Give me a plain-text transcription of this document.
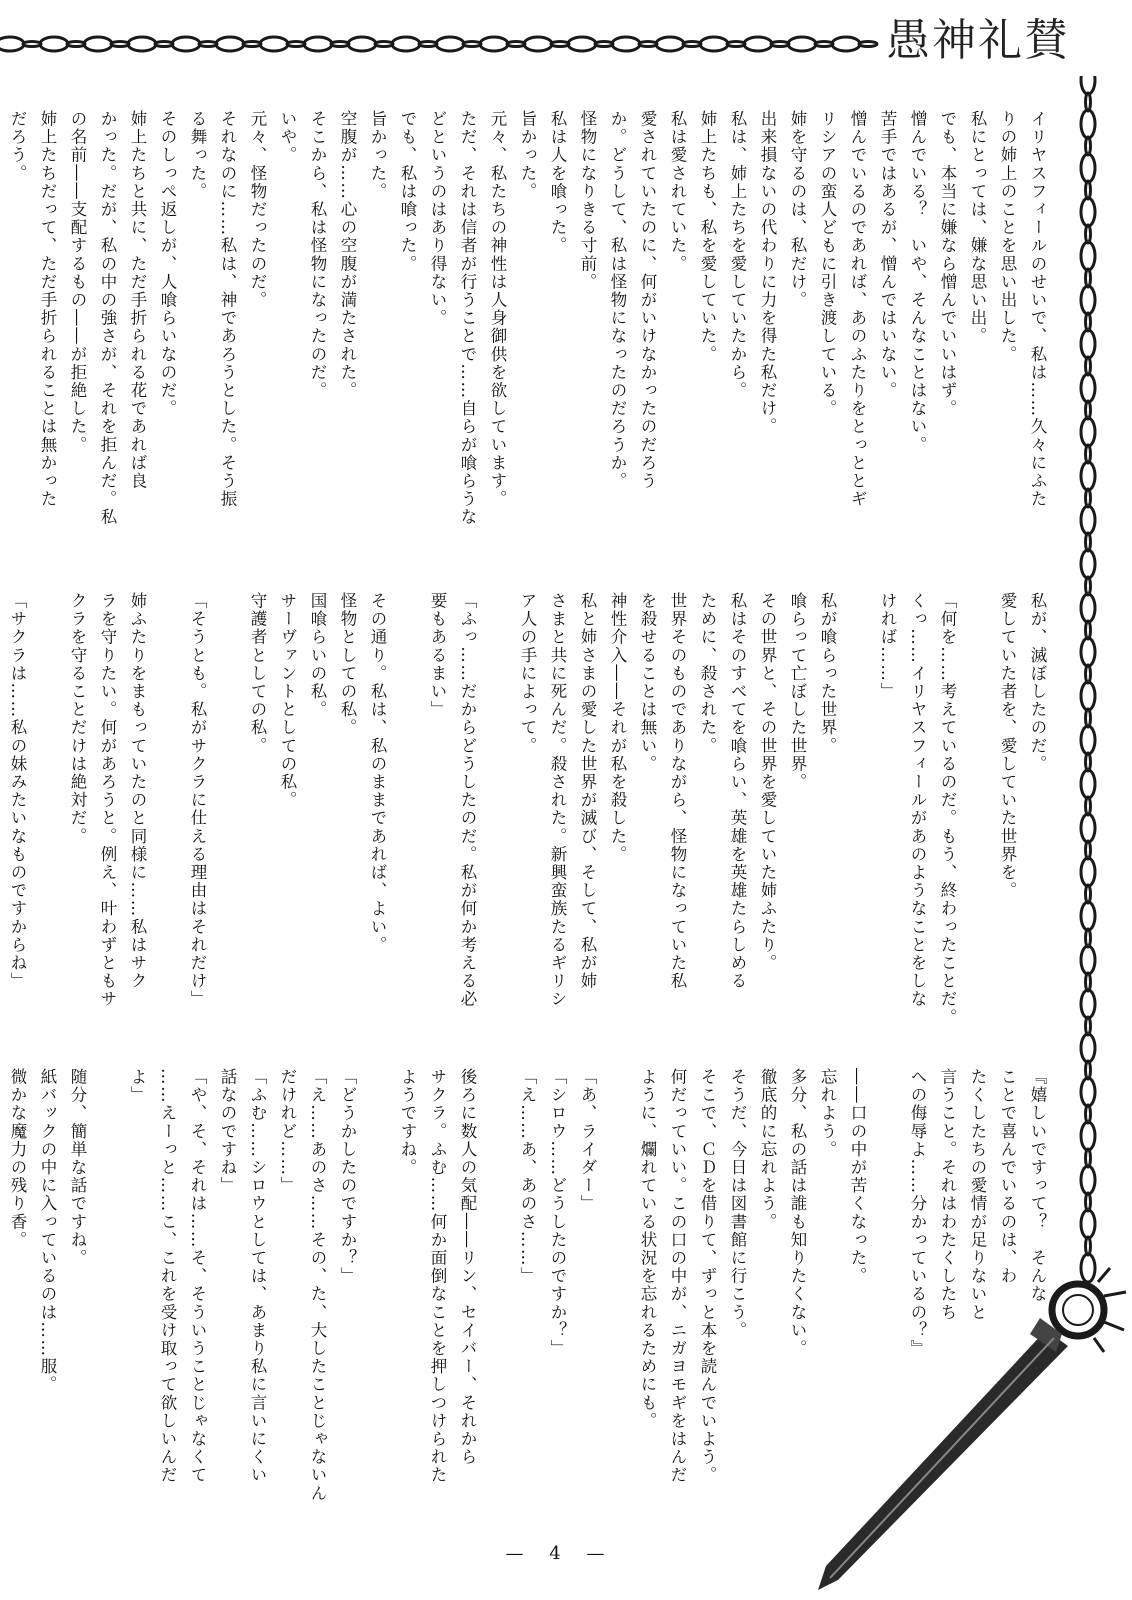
愚神礼賛
イリヤスフィールのせいで、私は……久々にふた
りの姉上のことを思い出した。
私にとっては、嫌な思い出。
でも、本当に嫌なら憎んでいいはず。
憎んでいる？　いや、そんなことはない。
苦手ではあるが、憎んではいない。
憎んでいるのであれば、あのふたりをとっととギ
リシアの蛮人どもに引き渡している。
姉を守るのは、私だけ。
出来損ないの代わりに力を得た私だけ。
私は、姉上たちを愛していたから。
姉上たちも、私を愛していた。
私は愛されていた。
愛されていたのに、何がいけなかったのだろう
か。どうして、私は怪物になったのだろうか。
怪物になりきる寸前。
私は人を喰った。
旨かった。
元々、私たちの神性は人身御供を欲しています。
ただ、それは信者が行うことで……自らが喰らうな
どというのはあり得ない。
でも、私は喰った。
旨かった。
空腹が……心の空腹が満たされた。
そこから、私は怪物になったのだ。
いや。
元々、怪物だったのだ。
それなのに……私は、神であろうとした。そう振
る舞った。
そのしっぺ返しが、人喰らいなのだ。
姉上たちと共に、ただ手折られる花であれば良
かった。だが、私の中の強さが、それを拒んだ。私
の名前――支配するもの――が拒絶した。
姉上たちだって、ただ手折られることは無かった
だろう。
私が、滅ぼしたのだ。
愛していた者を、愛していた世界を。
「何を……考えているのだ。もう、終わったことだ。
くっ……イリヤスフィールがあのようなことをしな
ければ……」
私が喰らった世界。
喰らって亡ぼした世界。
その世界と、その世界を愛していた姉ふたり。
私はそのすべてを喰らい、英雄を英雄たらしめる
ために、殺された。
世界そのものでありながら、怪物になっていた私
を殺せることは無い。
神性介入――それが私を殺した。
私と姉さまの愛した世界が滅び、そして、私が姉
さまと共に死んだ。殺された。新興蛮族たるギリシ
ア人の手によって。
「ふっ……だからどうしたのだ。私が何か考える必
要もあるまい」
その通り。私は、私のままであれば、よい。
怪物としての私。
国喰らいの私。
サーヴァントとしての私。
守護者としての私。
「そうとも。私がサクラに仕える理由はそれだけ」
姉ふたりをまもっていたのと同様に……私はサク
ラを守りたい。何があろうと。例え、叶わずともサ
クラを守ることだけは絶対だ。
「サクラは……私の妹みたいなものですからね」
『嬉しいですって？　そんな
ことで喜んでいるのは、わ
たくしたちの愛情が足りないと
言うこと。それはわたくしたち
への侮辱よ……分かっているの？』
――口の中が苦くなった。
忘れよう。
多分、私の話は誰も知りたくない。
徹底的に忘れよう。
そうだ、今日は図書館に行こう。
そこで、ＣＤを借りて、ずっと本を読んでいよう。
何だっていい。この口の中が、ニガヨモギをはんだ
ように、爛れている状況を忘れるためにも。
「あ、ライダー」
「シロウ……どうしたのですか？」
「え……あ、あのさ……」
後ろに数人の気配――リン、セイバー、それから
サクラ。ふむ……何か面倒なことを押しつけられた
ようですね。
「どうかしたのですか？」
「え……あのさ……その、た、大したことじゃないん
だけれど……」
「ふむ……シロウとしては、あまり私に言いにくい
話なのですね」
「や、そ、それは……そ、そういうことじゃなくて
……えーっと……こ、これを受け取って欲しいんだ
よ」
随分、簡単な話ですね。
紙バックの中に入っているのは……服。
微かな魔力の残り香。
— 4 —
